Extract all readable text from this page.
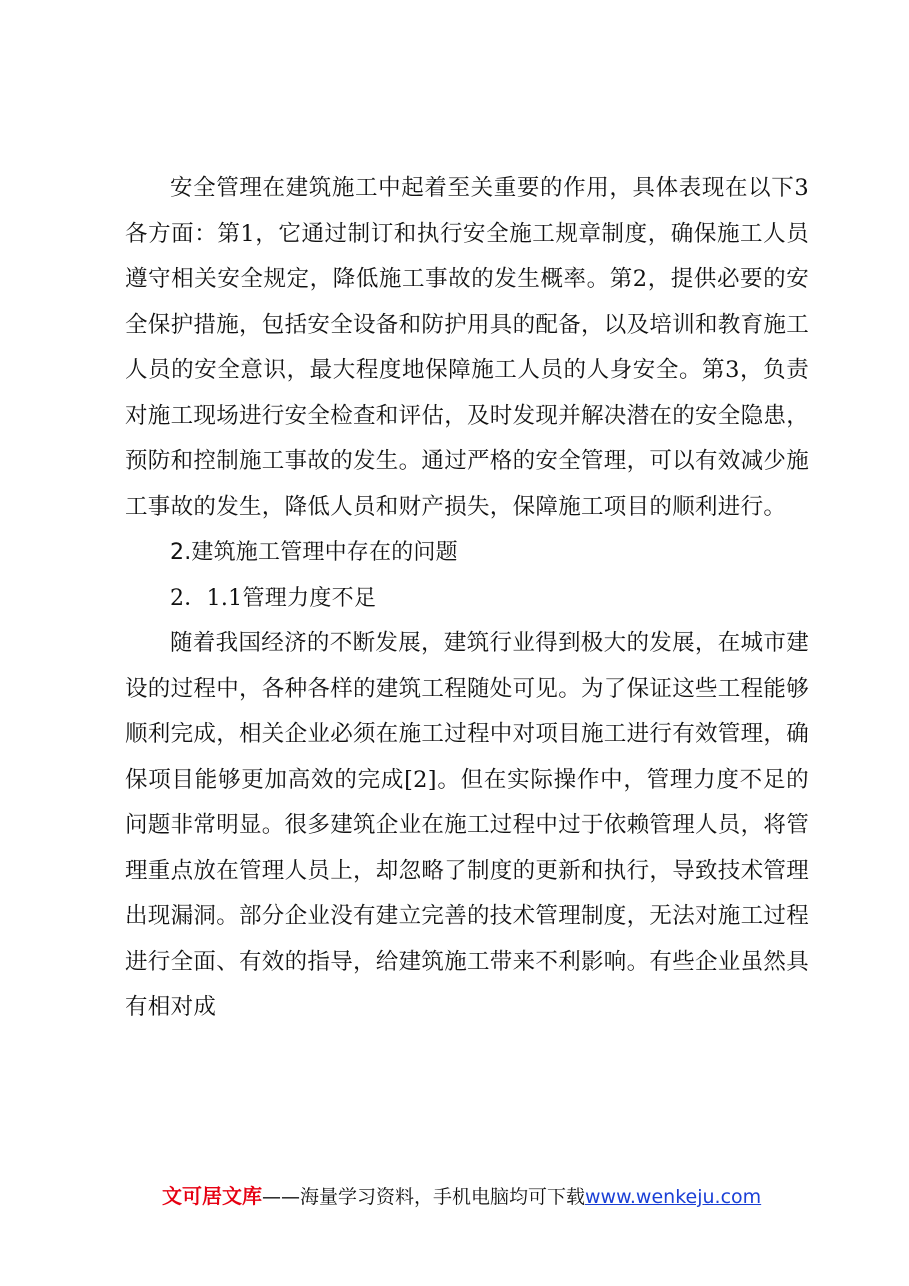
安全管理在建筑施工中起着至关重要的作用，具体表现在以下3各方面：第1，它通过制订和执行安全施工规章制度，确保施工人员遵守相关安全规定，降低施工事故的发生概率。第2，提供必要的安全保护措施，包括安全设备和防护用具的配备，以及培训和教育施工人员的安全意识，最大程度地保障施工人员的人身安全。第3，负责对施工现场进行安全检查和评估，及时发现并解决潜在的安全隐患，预防和控制施工事故的发生。通过严格的安全管理，可以有效减少施工事故的发生，降低人员和财产损失，保障施工项目的顺利进行。

2.建筑施工管理中存在的问题

2．1.1管理力度不足

随着我国经济的不断发展，建筑行业得到极大的发展，在城市建设的过程中，各种各样的建筑工程随处可见。为了保证这些工程能够顺利完成，相关企业必须在施工过程中对项目施工进行有效管理，确保项目能够更加高效的完成[2]。但在实际操作中，管理力度不足的问题非常明显。很多建筑企业在施工过程中过于依赖管理人员，将管理重点放在管理人员上，却忽略了制度的更新和执行，导致技术管理出现漏洞。部分企业没有建立完善的技术管理制度，无法对施工过程进行全面、有效的指导，给建筑施工带来不利影响。有些企业虽然具有相对成

文可居文库——海量学习资料，手机电脑均可下载www.wenkeju.com
